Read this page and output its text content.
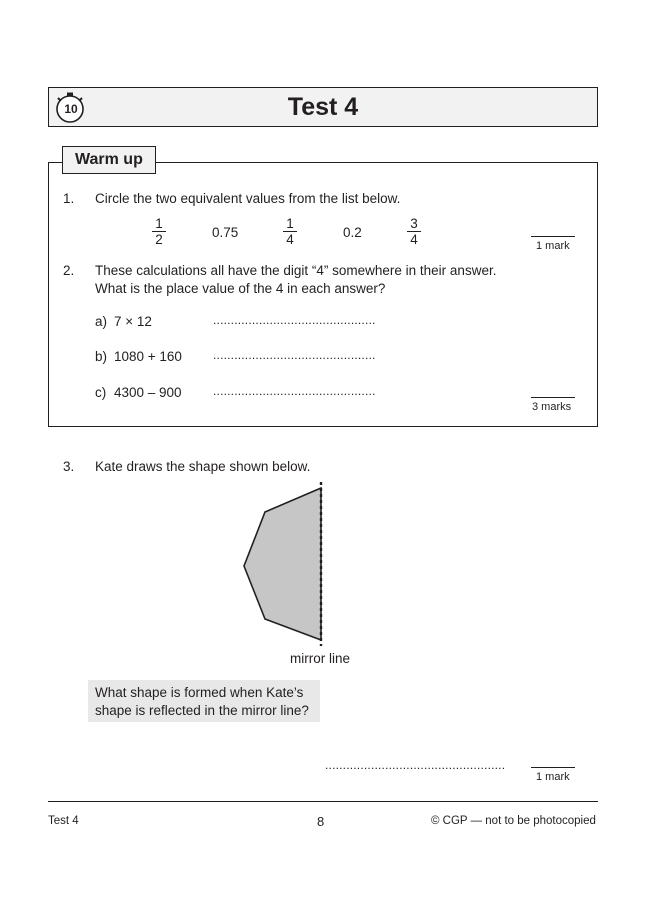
10	Test 4
Warm up
1. Circle the two equivalent values from the list below.
$\frac{1}{2}$	0.75	$\frac{1}{4}$	0.2	$\frac{3}{4}$	1 mark
2. These calculations all have the digit “4” somewhere in their answer.
What is the place value of the 4 in each answer?
a) 7 × 12	..............................................
b) 1080 + 160	..............................................
c) 4300 – 900	..............................................
3 marks
3. Kate draws the shape shown below.
mirror line
What shape is formed when Kate’s
shape is reflected in the mirror line?
...................................................
1 mark
Test 4	8	© CGP — not to be photocopied
